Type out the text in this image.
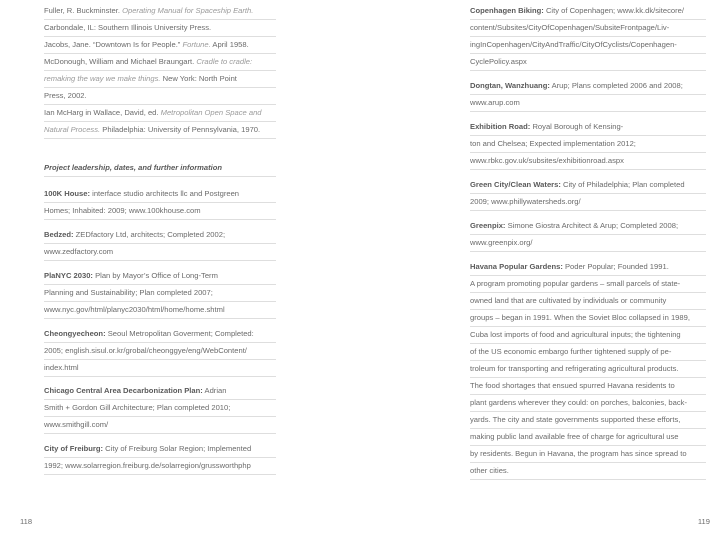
Fuller, R. Buckminster. Operating Manual for Spaceship Earth.
Carbondale, IL: Southern Illinois University Press.
Jacobs, Jane. “Downtown Is for People.” Fortune. April 1958.
McDonough, William and Michael Braungart. Cradle to cradle:
remaking the way we make things. New York: North Point
Press, 2002.
Ian McHarg in Wallace, David, ed. Metropolitan Open Space and
Natural Process. Philadelphia: University of Pennsylvania, 1970.
Project leadership, dates, and further information
100K House: interface studio architects llc and Postgreen
Homes; Inhabited: 2009; www.100khouse.com
Bedzed: ZEDfactory Ltd, architects; Completed 2002;
www.zedfactory.com
PlaNYC 2030: Plan by Mayor’s Office of Long-Term
Planning and Sustainability; Plan completed 2007;
www.nyc.gov/html/planyc2030/html/home/home.shtml
Cheongyecheon: Seoul Metropolitan Goverment; Completed:
2005; english.sisul.or.kr/grobal/cheonggye/eng/WebContent/
index.html
Chicago Central Area Decarbonization Plan: Adrian
Smith + Gordon Gill Architecture; Plan completed 2010;
www.smithgill.com/
City of Freiburg: City of Freiburg Solar Region; Implemented
1992; www.solarregion.freiburg.de/solarregion/grussworthphp
Copenhagen Biking: City of Copenhagen; www.kk.dk/sitecore/
content/Subsites/CityOfCopenhagen/SubsiteFrontpage/Liv-
ingInCopenhagen/CityAndTraffic/CityOfCyclists/Copenhagen-
CyclePolicy.aspx
Dongtan, Wanzhuang: Arup; Plans completed 2006 and 2008;
www.arup.com
Exhibition Road: Royal Borough of Kensing-
ton and Chelsea; Expected implementation 2012;
www.rbkc.gov.uk/subsites/exhibitionroad.aspx
Green City/Clean Waters: City of Philadelphia; Plan completed
2009; www.phillywatersheds.org/
Greenpix: Simone Giostra Architect & Arup; Completed 2008;
www.greenpix.org/
Havana Popular Gardens: Poder Popular; Founded 1991.
A program promoting popular gardens – small parcels of state-
owned land that are cultivated by individuals or community
groups – began in 1991. When the Soviet Bloc collapsed in 1989,
Cuba lost imports of food and agricultural inputs; the tightening
of the US economic embargo further tightened supply of pe-
troleum for transporting and refrigerating agricultural products.
The food shortages that ensued spurred Havana residents to
plant gardens wherever they could: on porches, balconies, back-
yards. The city and state governments supported these efforts,
making public land available free of charge for agricultural use
by residents. Begun in Havana, the program has since spread to
other cities.
118	119
